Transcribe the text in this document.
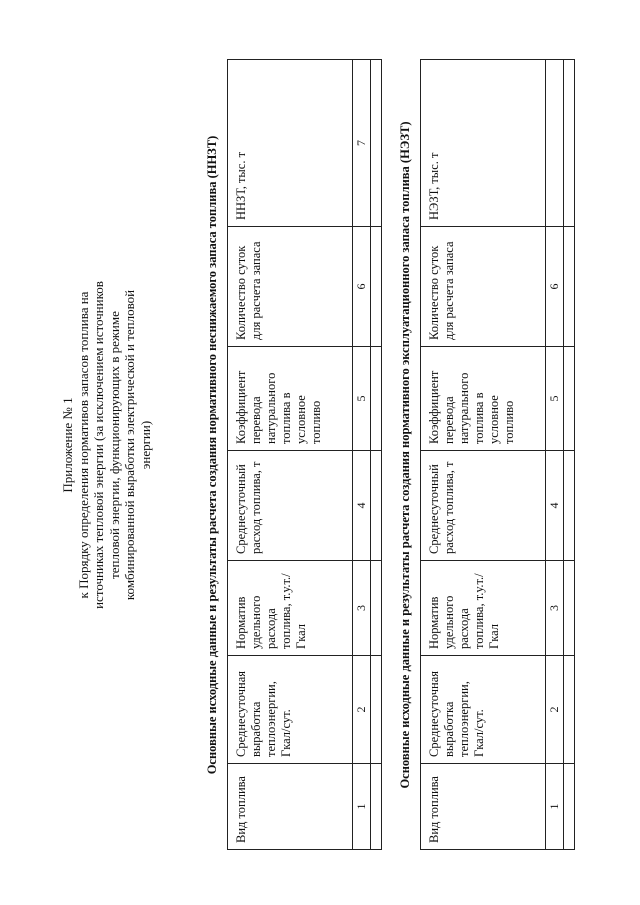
Приложение № 1 к Порядку определения нормативов запасов топлива на источниках тепловой энергии (за исключением источников тепловой энергии, функционирующих в режиме комбинированной выработки электрической и тепловой энергии)	Основные исходные данные и результаты расчета создания нормативного неснижаемого запаса топлива (ННЗТ)
Вид топлива	Среднесуточная выработка теплоэнергии, Гкал/сут.	Норматив удельного расхода топлива, т.у.т./Гкал	Среднесуточный расход топлива, т	Коэффициент перевода натурального топлива в условное топливо	Количество суток для расчета запаса	ННЗТ, тыс. т
1	2	3	4	5	6	7
						Основные исходные данные и результаты расчета создания нормативного эксплуатационного запаса топлива (НЭЗТ)
Вид топлива	Среднесуточная выработка теплоэнергии, Гкал/сут.	Норматив удельного расхода топлива, т.у.т./Гкал	Среднесуточный расход топлива, т	Коэффициент перевода натурального топлива в условное топливо	Количество суток для расчета запаса	НЭЗТ, тыс. т
1	2	3	4	5	6	
